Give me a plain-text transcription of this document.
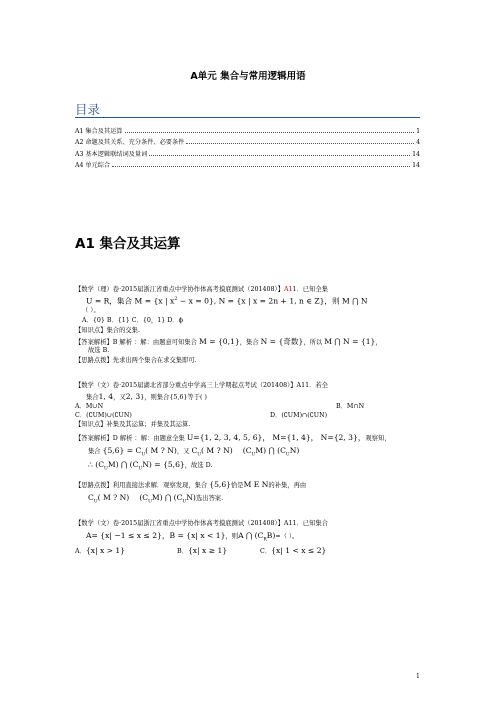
A单元 集合与常用逻辑用语
目录
A1 集合及其运算	1
A2 命题及其关系、充分条件、必要条件	4
A3 基本逻辑联结词及量词	14
A4 单元综合	14
A1 集合及其运算
【数学（理）卷·2015届浙江省重点中学协作体高考摸底测试（201408）】A11．已知全集
U = R，集合 M = {x | $x^2 - x = 0$}, N = {x | x = 2n + 1, n ∈ Z}，则 M ⋂ N
（ ）。
A．{0} B．{1} C．{0，1} D．ϕ
【知识点】集合的交集.
【答案解析】B 解析 ：解：由题意可知集合 M = {0,1}，集合 N = {奇数}，所以 M ⋂ N = {1}，
故选 B.
【思路点拨】先求出两个集合在求交集即可.
【数学（文）卷·2015届湖北省部分重点中学高三上学期起点考试（201408）】A11．若全
集合1, 4，又2, 3}，则集合{5,6}等于( )
A．M∪N	B．M∩N
C．(∁UM)∪(∁UN)	D．(∁UM)∩(∁UN)
【知识点】补集及其运算；并集及其运算.
【答案解析】D 解析 ：解：由题意全集 U={1, 2, 3, 4, 5, 6}， M={1, 4}， N={2, 3}，观察知，
集合 $\{5,6\} = C_U$( M ? N)，又 $C_U$( M ? N) $(C_UM)$ ⋂ $(C_UN)$
∴ $(C_UM)$ ⋂ $(C_UN) = \{5,6\}$，故选 D.
【思路点拨】利用直接法求解．观察发现，集合 {5,6}恰是M E N的补集，再由
$C_U$( M ? N) $(C_UM)$ ⋂ $(C_UN)$选出答案.
【数学（文）卷·2015届浙江省重点中学协作体高考摸底测试（201408）】A11．已知集合
A= {x| −1 ≤ x ≤ 2}，B = {x| x < 1}，则A ⋂ $(C_RB)=$（ ）。
A．{x| x > 1}	B．{x| x ≥ 1}	C．{x| 1 < x ≤ 2}
1
